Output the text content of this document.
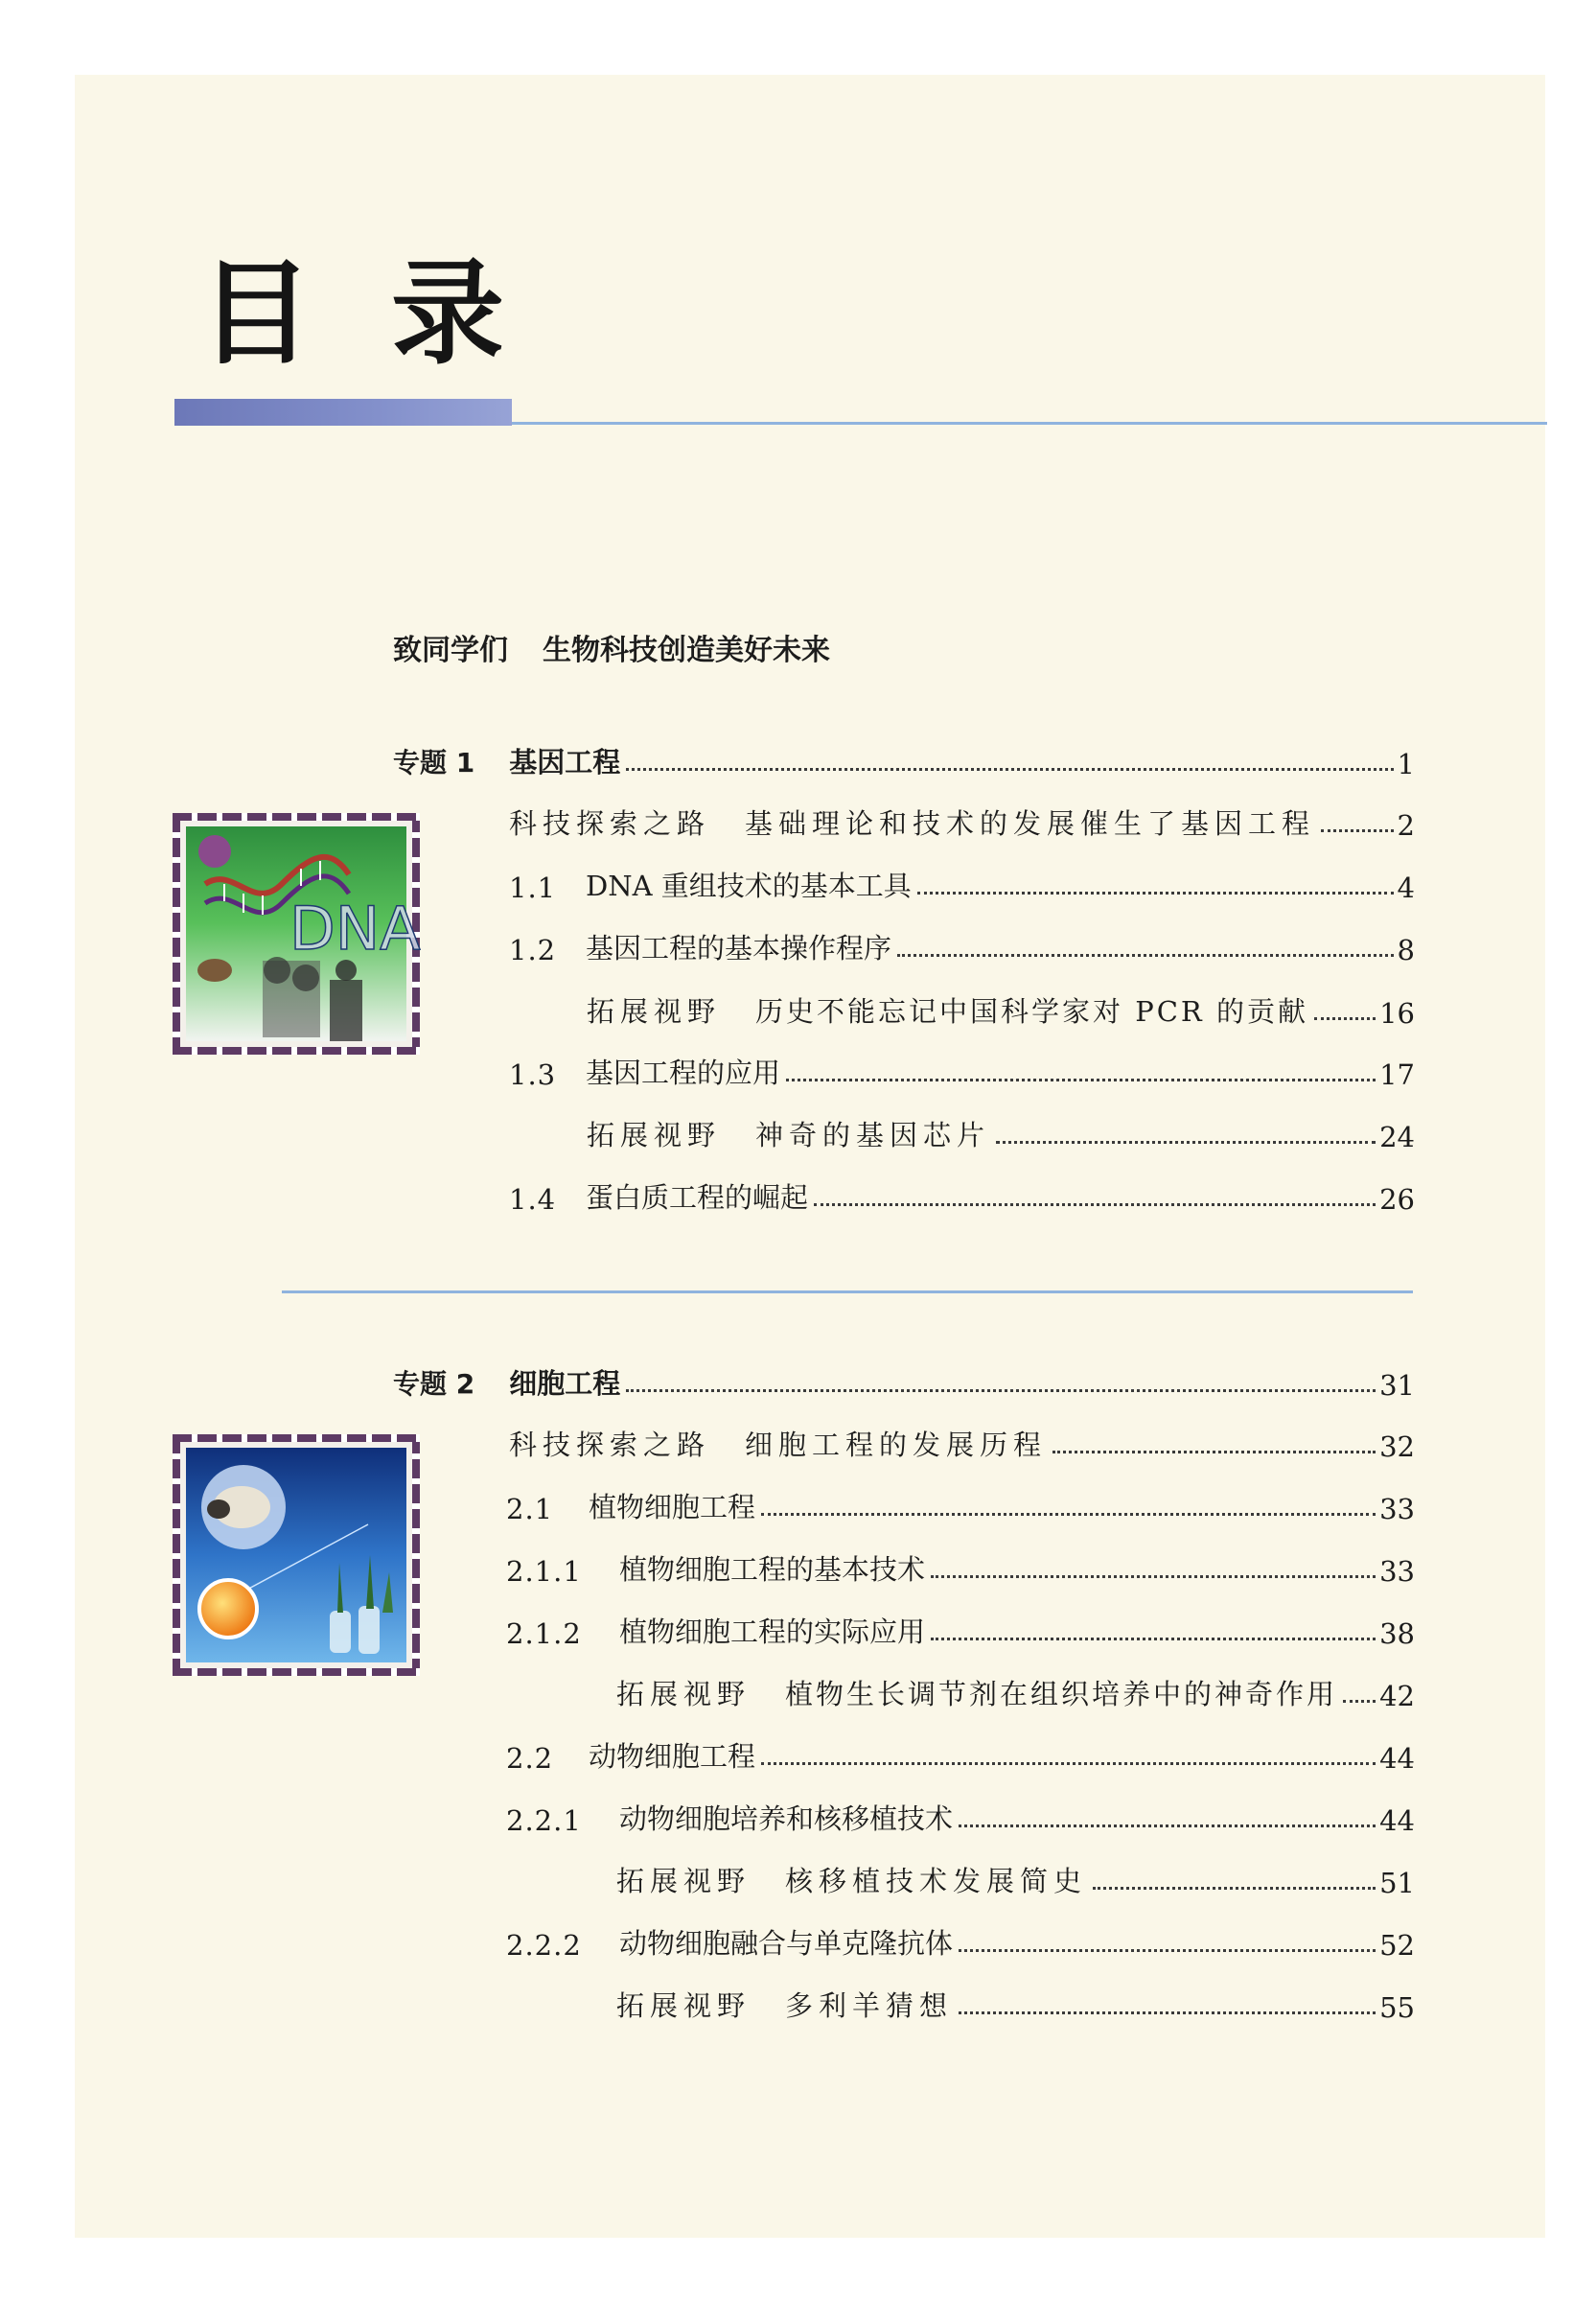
目 录
致同学们 生物科技创造美好未来
专题 1 基因工程	1
科技探索之路 基础理论和技术的发展催生了基因工程	2
1.1	DNA 重组技术的基本工具	4
1.2	基因工程的基本操作程序	8
拓展视野 历史不能忘记中国科学家对 PCR 的贡献	16
1.3	基因工程的应用	17
拓展视野 神奇的基因芯片	24
1.4	蛋白质工程的崛起	26
DNA
专题 2 细胞工程	31
科技探索之路 细胞工程的发展历程	32
2.1	植物细胞工程	33
2.1.1	植物细胞工程的基本技术	33
2.1.2	植物细胞工程的实际应用	38
拓展视野 植物生长调节剂在组织培养中的神奇作用 42
2.2	动物细胞工程	44
2.2.1	动物细胞培养和核移植技术	44
拓展视野 核移植技术发展简史	51
2.2.2	动物细胞融合与单克隆抗体	52
拓展视野 多利羊猜想	55
